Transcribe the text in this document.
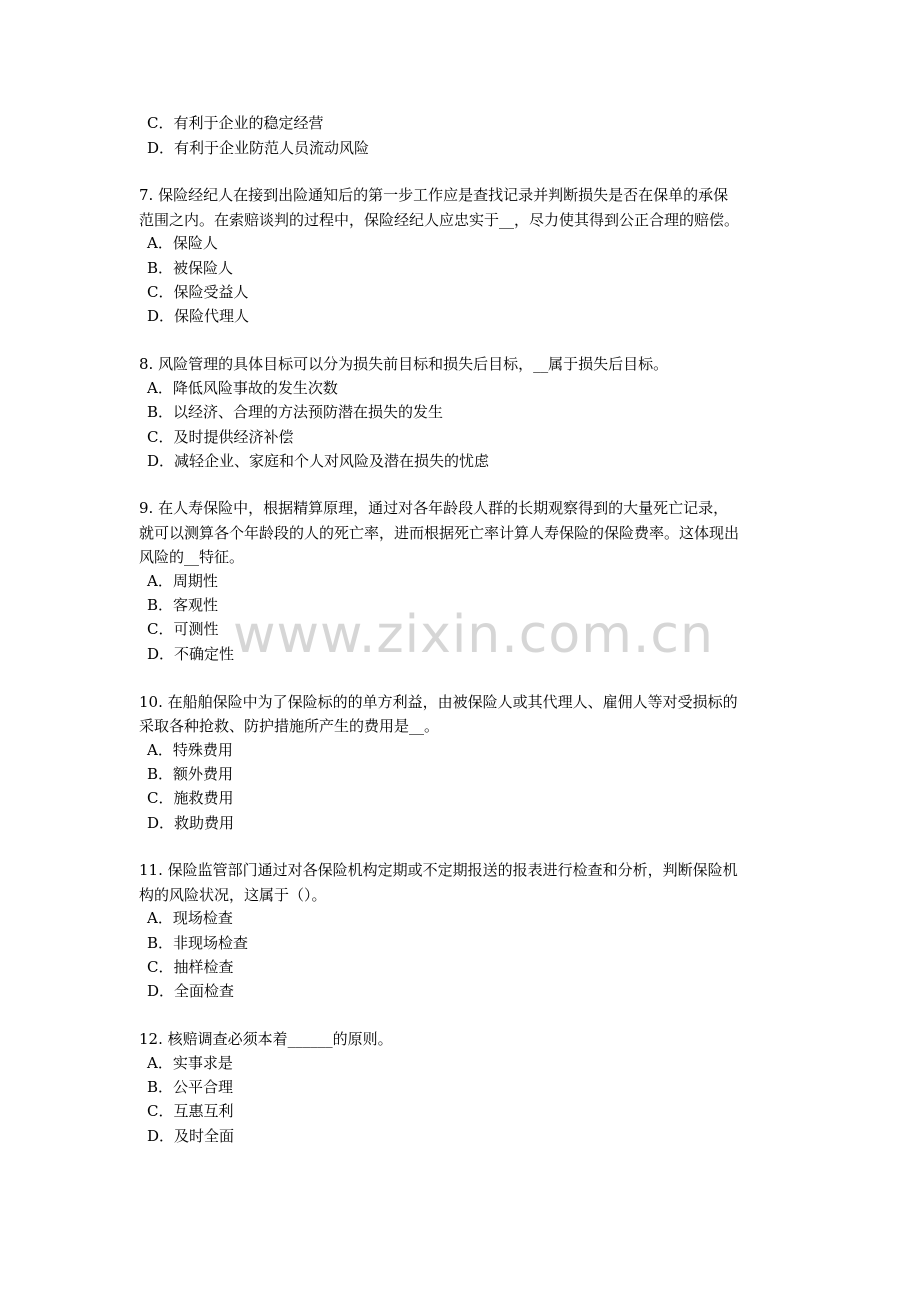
www.zixin.com.cn
C．有利于企业的稳定经营
D．有利于企业防范人员流动风险
7. 保险经纪人在接到出险通知后的第一步工作应是查找记录并判断损失是否在保单的承保
范围之内。在索赔谈判的过程中，保险经纪人应忠实于__，尽力使其得到公正合理的赔偿。
A．保险人
B．被保险人
C．保险受益人
D．保险代理人
8. 风险管理的具体目标可以分为损失前目标和损失后目标，__属于损失后目标。
A．降低风险事故的发生次数
B．以经济、合理的方法预防潜在损失的发生
C．及时提供经济补偿
D．减轻企业、家庭和个人对风险及潜在损失的忧虑
9. 在人寿保险中，根据精算原理，通过对各年龄段人群的长期观察得到的大量死亡记录，
就可以测算各个年龄段的人的死亡率，进而根据死亡率计算人寿保险的保险费率。这体现出
风险的__特征。
A．周期性
B．客观性
C．可测性
D．不确定性
10. 在船舶保险中为了保险标的的单方利益，由被保险人或其代理人、雇佣人等对受损标的
采取各种抢救、防护措施所产生的费用是__。
A．特殊费用
B．额外费用
C．施救费用
D．救助费用
11. 保险监管部门通过对各保险机构定期或不定期报送的报表进行检查和分析，判断保险机
构的风险状况，这属于（）。
A．现场检查
B．非现场检查
C．抽样检查
D．全面检查
12. 核赔调查必须本着______的原则。
A．实事求是
B．公平合理
C．互惠互利
D．及时全面
